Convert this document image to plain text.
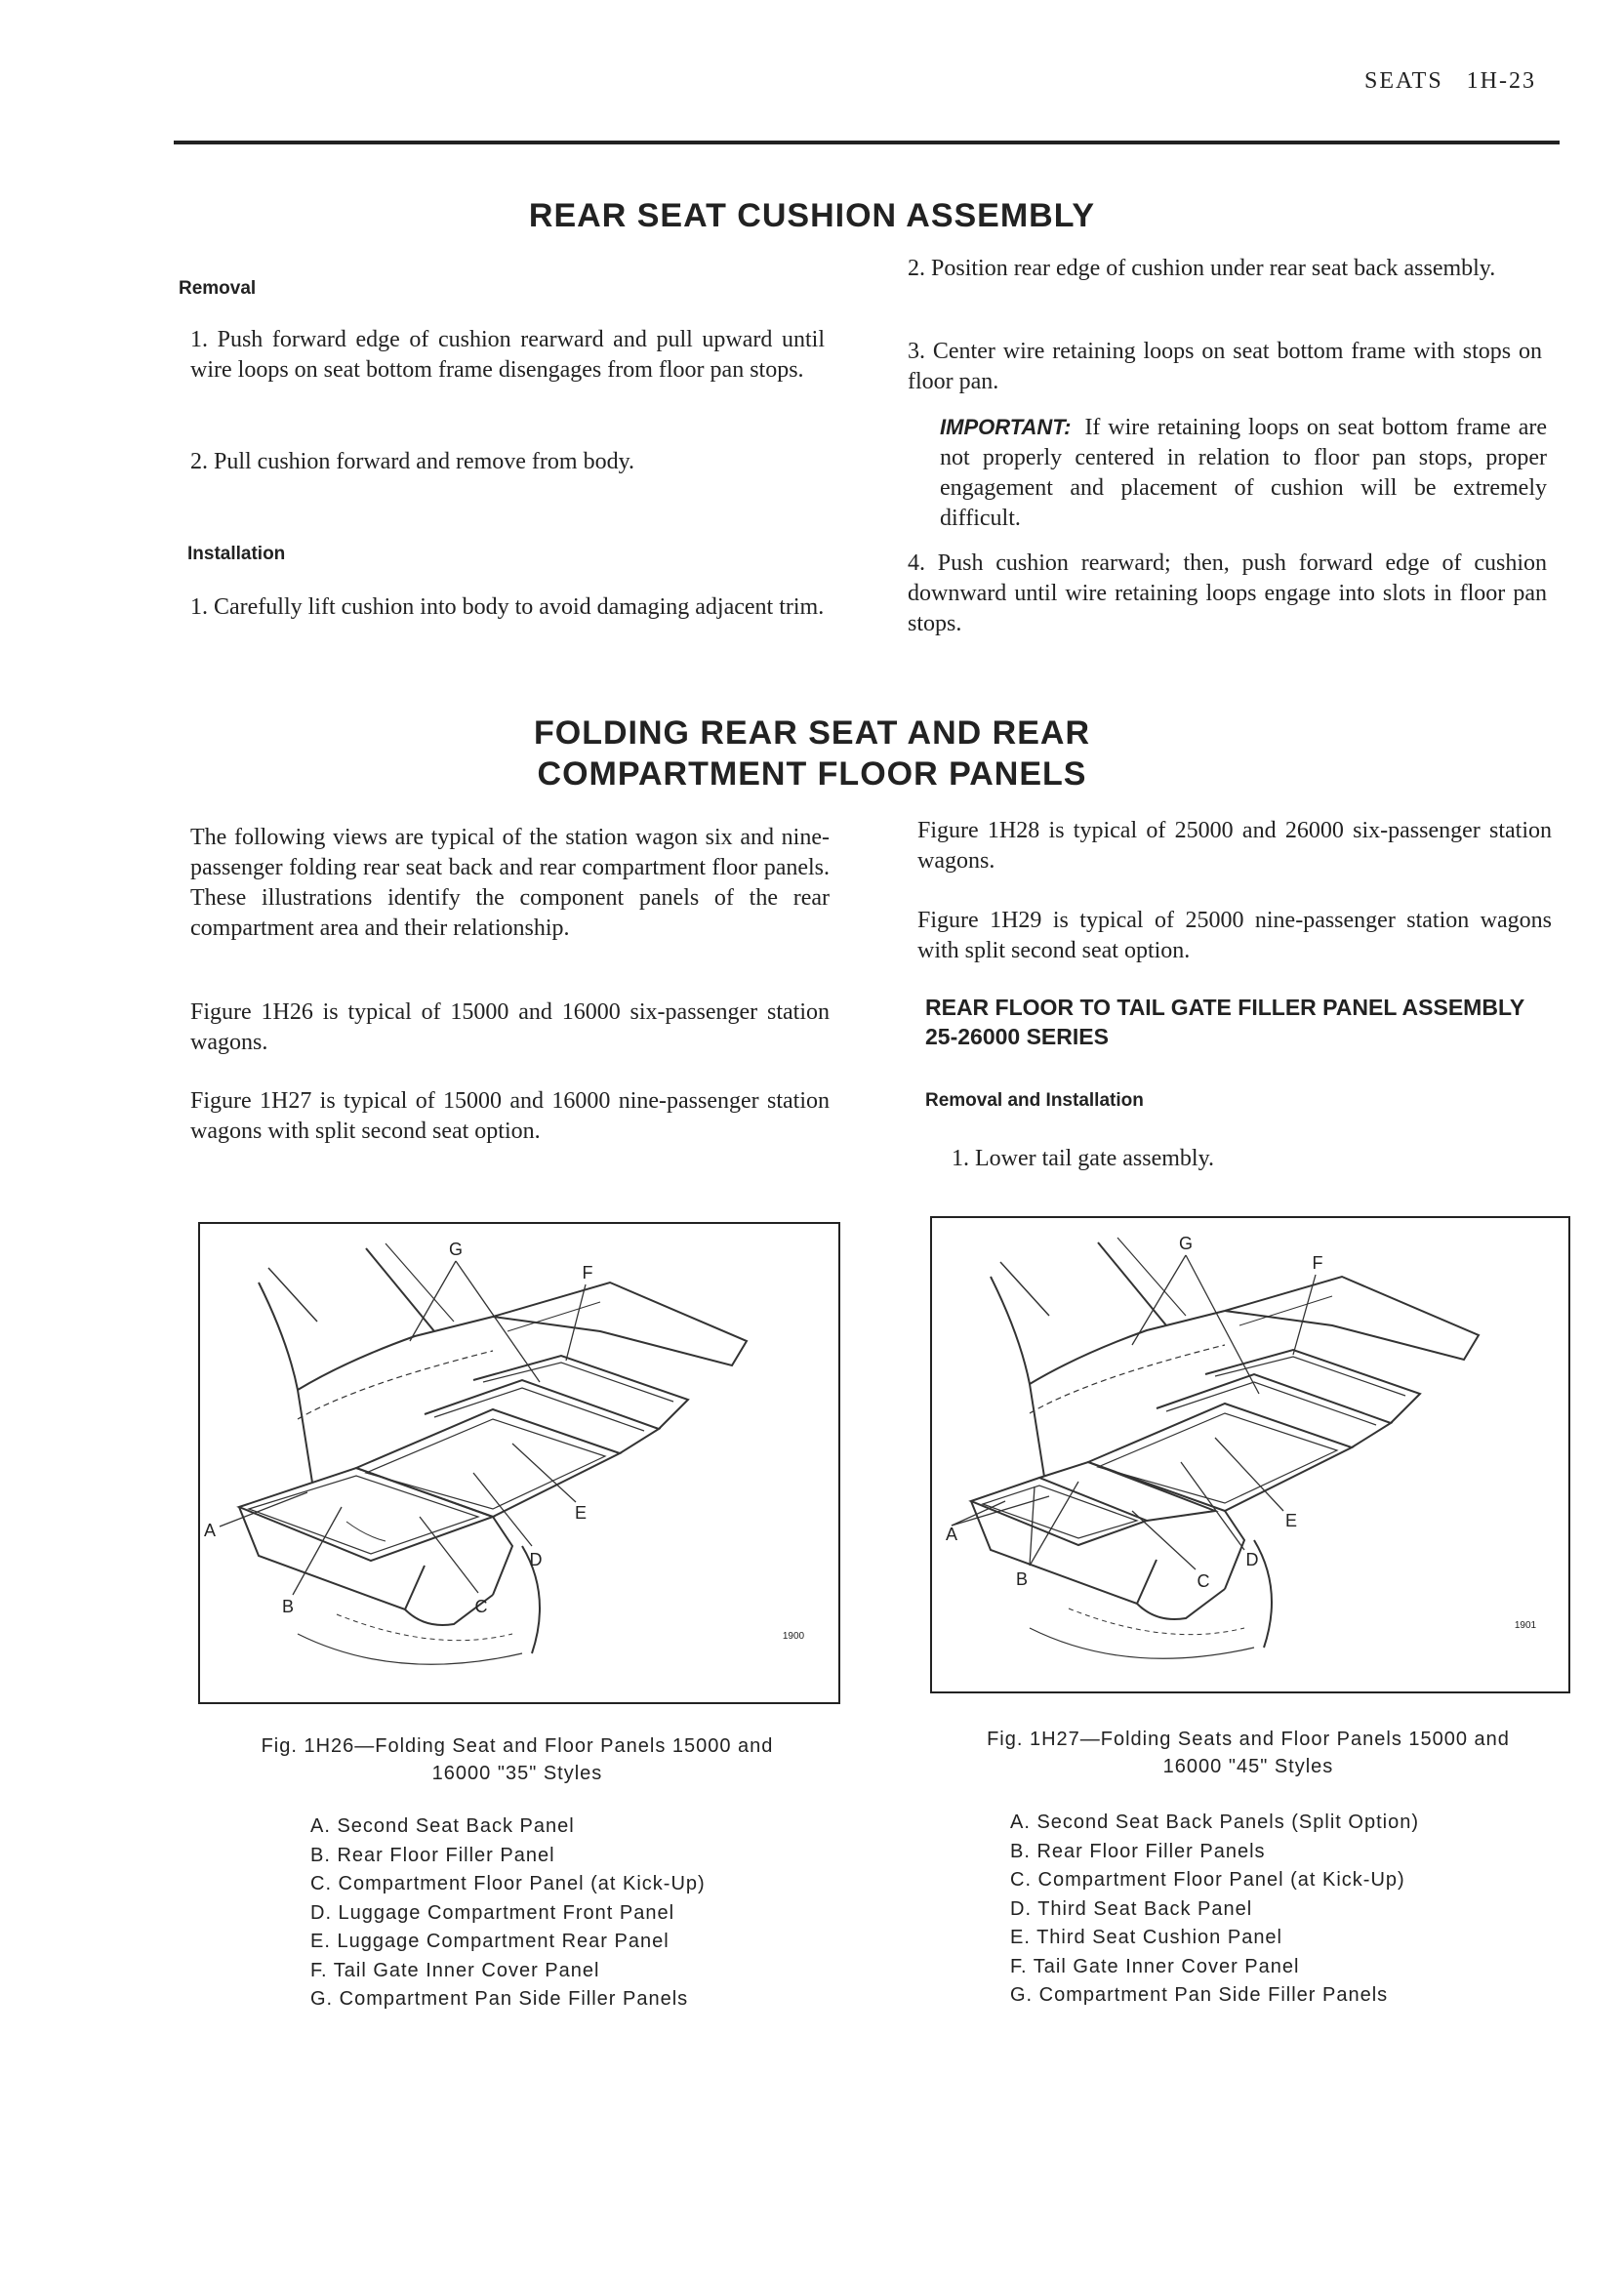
SEATS 1H-23
REAR SEAT CUSHION ASSEMBLY
Removal
1. Push forward edge of cushion rearward and pull upward until wire loops on seat bottom frame disengages from floor pan stops.
2. Pull cushion forward and remove from body.
Installation
1. Carefully lift cushion into body to avoid damaging adjacent trim.
2. Position rear edge of cushion under rear seat back assembly.
3. Center wire retaining loops on seat bottom frame with stops on floor pan.
IMPORTANT: If wire retaining loops on seat bottom frame are not properly centered in relation to floor pan stops, proper engagement and placement of cushion will be extremely difficult.
4. Push cushion rearward; then, push forward edge of cushion downward until wire retaining loops engage into slots in floor pan stops.
FOLDING REAR SEAT AND REAR
COMPARTMENT FLOOR PANELS
The following views are typical of the station wagon six and nine-passenger folding rear seat back and rear compartment floor panels. These illustrations identify the component panels of the rear compartment area and their relationship.
Figure 1H26 is typical of 15000 and 16000 six-passenger station wagons.
Figure 1H27 is typical of 15000 and 16000 nine-passenger station wagons with split second seat option.
Figure 1H28 is typical of 25000 and 26000 six-passenger station wagons.
Figure 1H29 is typical of 25000 nine-passenger station wagons with split second seat option.
REAR FLOOR TO TAIL GATE FILLER PANEL ASSEMBLY
25-26000 SERIES
Removal and Installation
1. Lower tail gate assembly.
G
F
E
D
C
A
B
1900
G
F
E
D
C
A
B
1901
Fig. 1H26—Folding Seat and Floor Panels 15000 and
16000 "35" Styles
A. Second Seat Back Panel
B. Rear Floor Filler Panel
C. Compartment Floor Panel (at Kick-Up)
D. Luggage Compartment Front Panel
E. Luggage Compartment Rear Panel
F. Tail Gate Inner Cover Panel
G. Compartment Pan Side Filler Panels
Fig. 1H27—Folding Seats and Floor Panels 15000 and
16000 "45" Styles
A. Second Seat Back Panels (Split Option)
B. Rear Floor Filler Panels
C. Compartment Floor Panel (at Kick-Up)
D. Third Seat Back Panel
E. Third Seat Cushion Panel
F. Tail Gate Inner Cover Panel
G. Compartment Pan Side Filler Panels
